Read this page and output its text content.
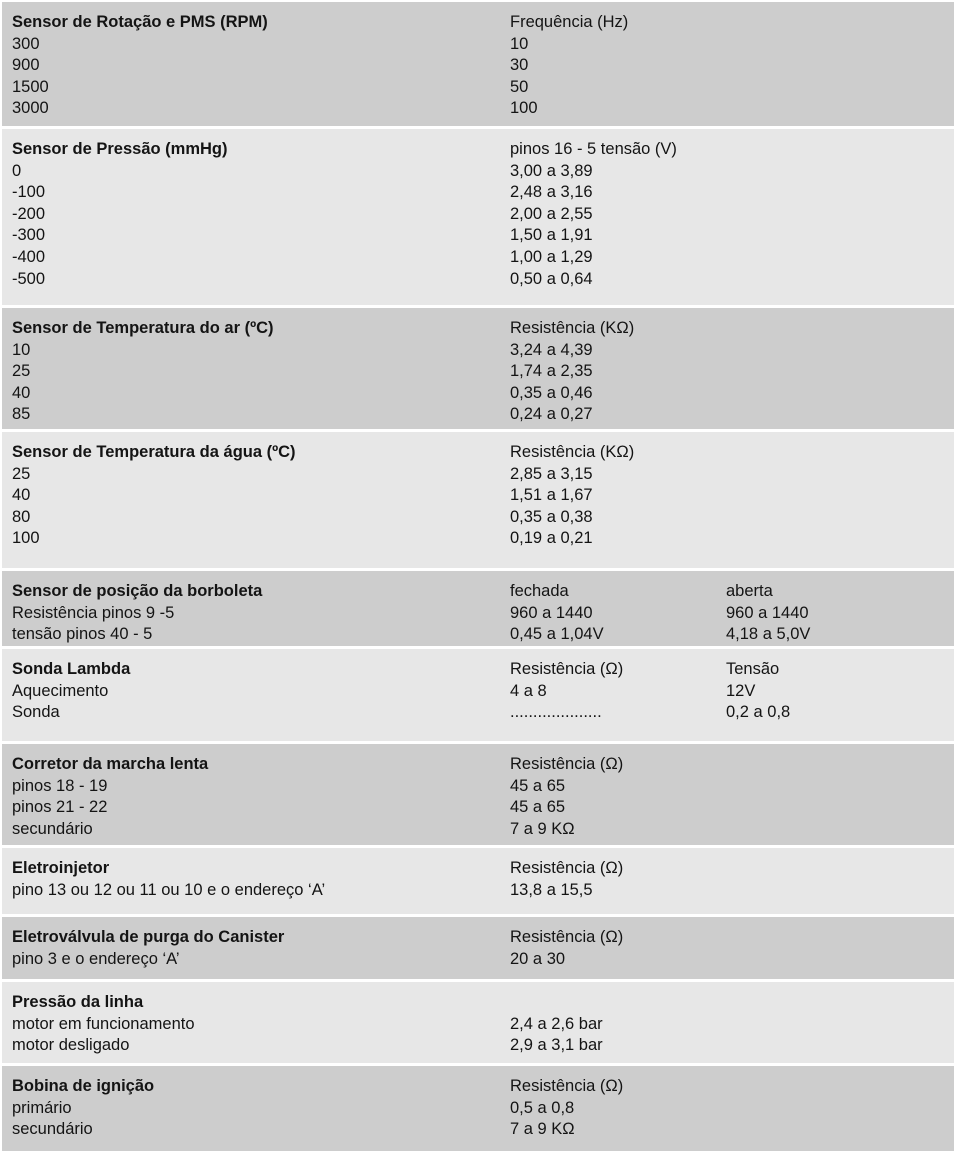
Sensor de Rotação e PMS (RPM)	Frequência (Hz)
300	10
900	30
1500	50
3000	100
Sensor de Pressão (mmHg)	pinos 16 - 5 tensão (V)
0	3,00 a 3,89
-100	2,48 a 3,16
-200	2,00 a 2,55
-300	1,50 a 1,91
-400	1,00 a 1,29
-500	0,50 a 0,64
Sensor de Temperatura do ar (ºC)	Resistência (KΩ)
10	3,24 a 4,39
25	1,74 a 2,35
40	0,35 a 0,46
85	0,24 a 0,27
Sensor de Temperatura da água (ºC)	Resistência (KΩ)
25	2,85 a 3,15
40	1,51 a 1,67
80	0,35 a 0,38
100	0,19 a 0,21
Sensor de posição da borboleta	fechada	aberta
Resistência pinos 9 -5	960 a 1440	960 a 1440
tensão pinos 40 - 5	0,45 a 1,04V	4,18 a 5,0V
Sonda Lambda	Resistência (Ω)	Tensão
Aquecimento	4 a 8	12V
Sonda	....................	0,2 a 0,8
Corretor da marcha lenta	Resistência (Ω)
pinos 18 - 19	45 a 65
pinos 21 - 22	45 a 65
secundário	7 a 9 KΩ
Eletroinjetor	Resistência (Ω)
pino 13 ou 12 ou 11 ou 10 e o endereço ‘A’	13,8 a 15,5
Eletroválvula de purga do Canister	Resistência (Ω)
pino 3 e o endereço ‘A’	20 a 30
Pressão da linha
motor em funcionamento	2,4 a 2,6 bar
motor desligado	2,9 a 3,1 bar
Bobina de ignição	Resistência (Ω)
primário	0,5 a 0,8
secundário	7 a 9 KΩ
